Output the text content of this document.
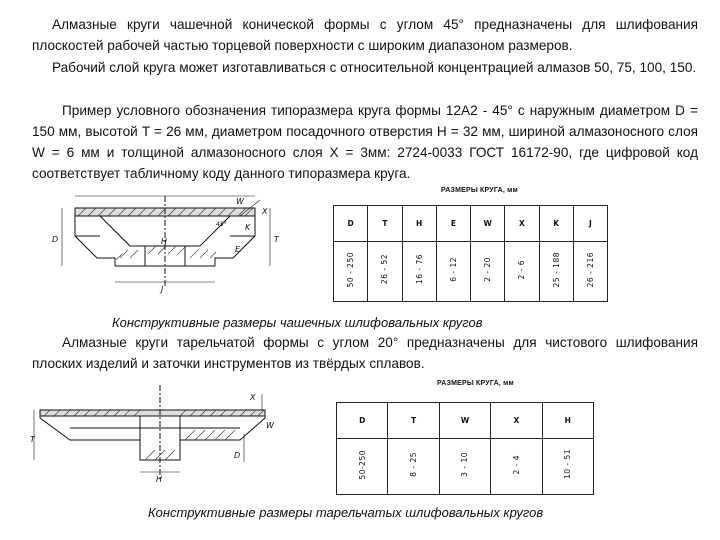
Алмазные круги чашечной конической формы с углом 45° предназначены для шлифования плоскостей рабочей частью торцевой поверхности с широким диапазоном размеров.

Рабочий слой круга может изготавливаться с относительной концентрацией алмазов 50, 75, 100, 150.

Пример условного обозначения типоразмера круга формы 12А2 - 45° с наружным диаметром D = 150 мм, высотой T = 26 мм, диаметром посадочного отверстия H = 32 мм, шириной алмазоносного слоя W = 6 мм и толщиной алмазоносного слоя X = 3мм: 2724-0033 ГОСТ 16172-90, где цифровой код соответствует табличному коду данного типоразмера круга.

W
X
K
T
E
H
J
D
45°
РАЗМЕРЫ КРУГА, мм
D	T	H	E	W	X	K	J
50 - 250	26 - 52	16 - 76	6 - 12	2 - 20	2 - 6	25 - 188	26 - 216
Конструктивные размеры чашечных шлифовальных кругов

Алмазные круги тарельчатой формы с углом 20° предназначены для чистового шлифования плоских изделий и заточки инструментов из твёрдых сплавов.

X
T
H
W
D
РАЗМЕРЫ КРУГА, мм
D	T	W	X	H
50-250	8 - 25	3 - 10	2 - 4	10 - 51
Конструктивные размеры тарельчатых шлифовальных кругов
